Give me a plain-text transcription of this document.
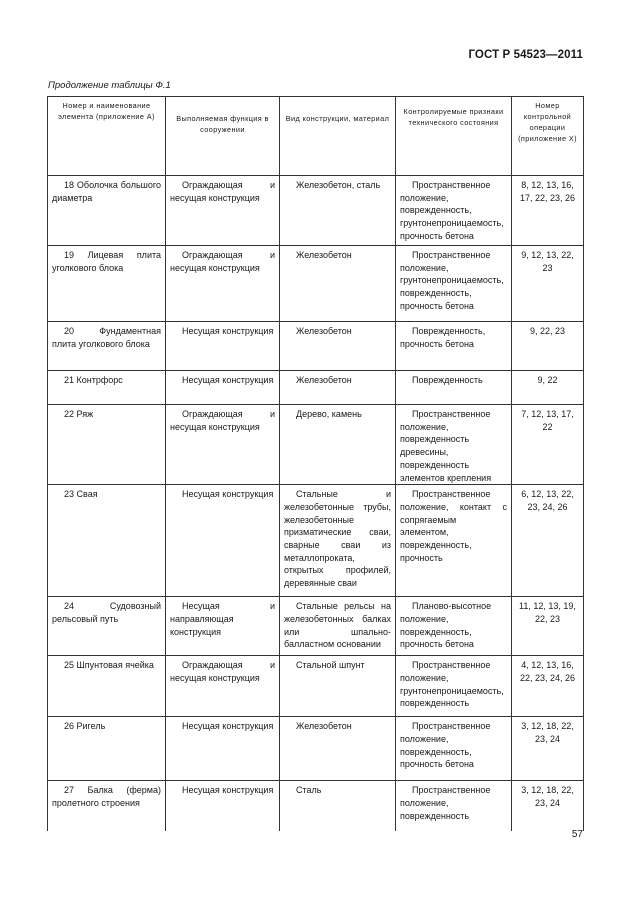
ГОСТ Р 54523—2011
Продолжение таблицы Ф.1
Номер и наименование элемента (приложение А)	Выполняемая функция в сооружении	Вид конструкции, материал	Контролируемые признаки технического состояния	Номер контрольной операции (приложение Х)
18 Оболочка большого диаметра	Ограждающая и несущая конструкция	Железобетон, сталь	Пространственное положение, поврежденность, грунтонепроницаемость, прочность бетона	8, 12, 13, 16, 17, 22, 23, 26
19 Лицевая плита уголкового блока	Ограждающая и несущая конструкция	Железобетон	Пространственное положение, грунтонепроницаемость, поврежденность, прочность бетона	9, 12, 13, 22, 23
20 Фундаментная плита уголкового блока	Несущая конструкция	Железобетон	Поврежденность, прочность бетона	9, 22, 23
21 Контрфорс	Несущая конструкция	Железобетон	Поврежденность	9, 22
22 Ряж	Ограждающая и несущая конструкция	Дерево, камень	Пространственное положение, поврежденность древесины, поврежденность элементов крепления	7, 12, 13, 17, 22
23 Свая	Несущая конструкция	Стальные и железобетонные трубы, железобетонные призматические сваи, сварные сваи из металлопроката, открытых профилей, деревянные сваи	Пространственное положение, контакт с сопрягаемым элементом, поврежденность, прочность	6, 12, 13, 22, 23, 24, 26
24 Судовозный рельсовый путь	Несущая и направляющая конструкция	Стальные рельсы на железобетонных балках или шпально-балластном основании	Планово-высотное положение, поврежденность, прочность бетона	11, 12, 13, 19, 22, 23
25 Шпунтовая ячейка	Ограждающая и несущая конструкция	Стальной шпунт	Пространственное положение, грунтонепроницаемость, поврежденность	4, 12, 13, 16, 22, 23, 24, 26
26 Ригель	Несущая конструкция	Железобетон	Пространственное положение, поврежденность, прочность бетона	3, 12, 18, 22, 23, 24
27 Балка (ферма) пролетного строения	Несущая конструкция	Сталь	Пространственное положение, поврежденность	3, 12, 18, 22, 23, 24
57
